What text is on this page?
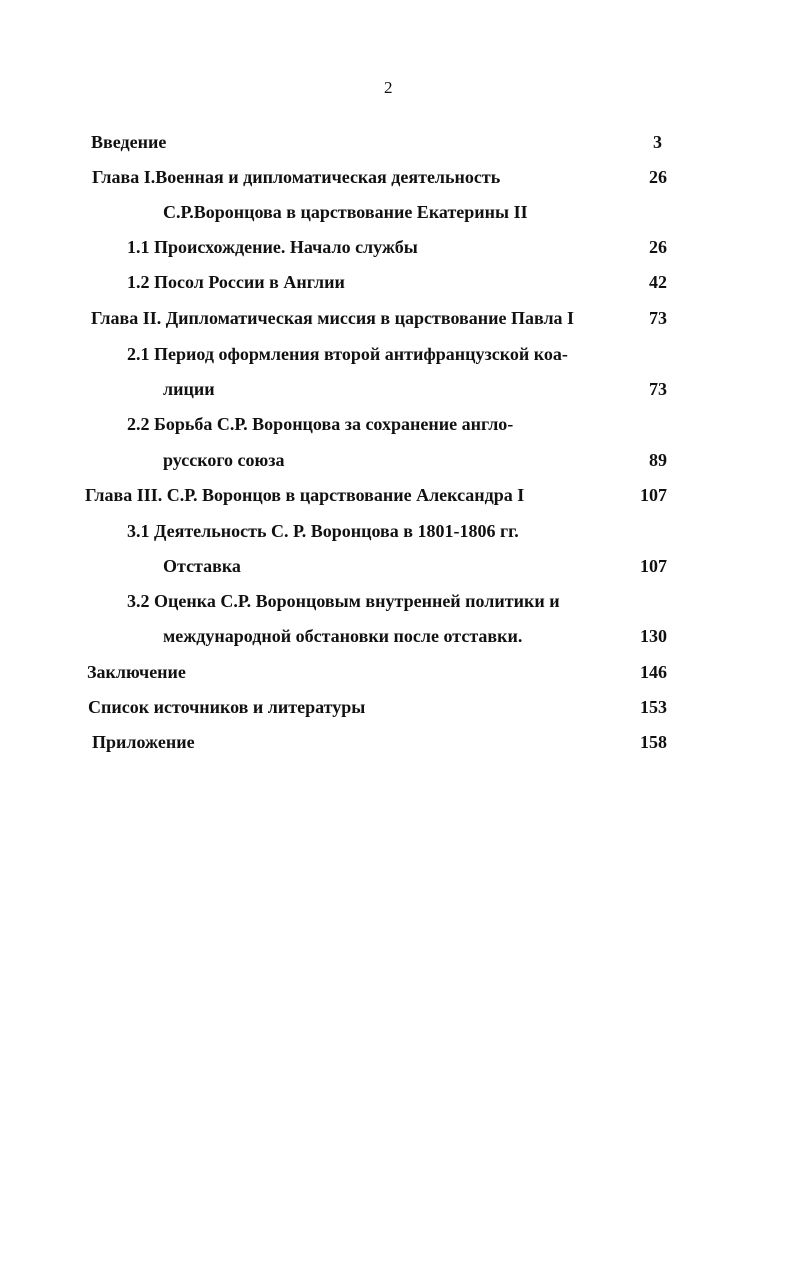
2
Введение	3
Глава I.Военная и дипломатическая деятельность	26
С.Р.Воронцова в царствование Екатерины II
1.1 Происхождение. Начало службы	26
1.2 Посол России в Англии	42
Глава II. Дипломатическая миссия в царствование Павла I	73
2.1 Период оформления второй антифранцузской коа-
лиции	73
2.2 Борьба С.Р. Воронцова за сохранение англо-
русского союза	89
Глава III. С.Р. Воронцов в царствование Александра I	107
3.1 Деятельность С. Р. Воронцова в 1801-1806 гг.
Отставка	107
3.2 Оценка С.Р. Воронцовым внутренней политики и
международной обстановки после отставки.	130
Заключение	146
Список источников и литературы	153
Приложение	158
